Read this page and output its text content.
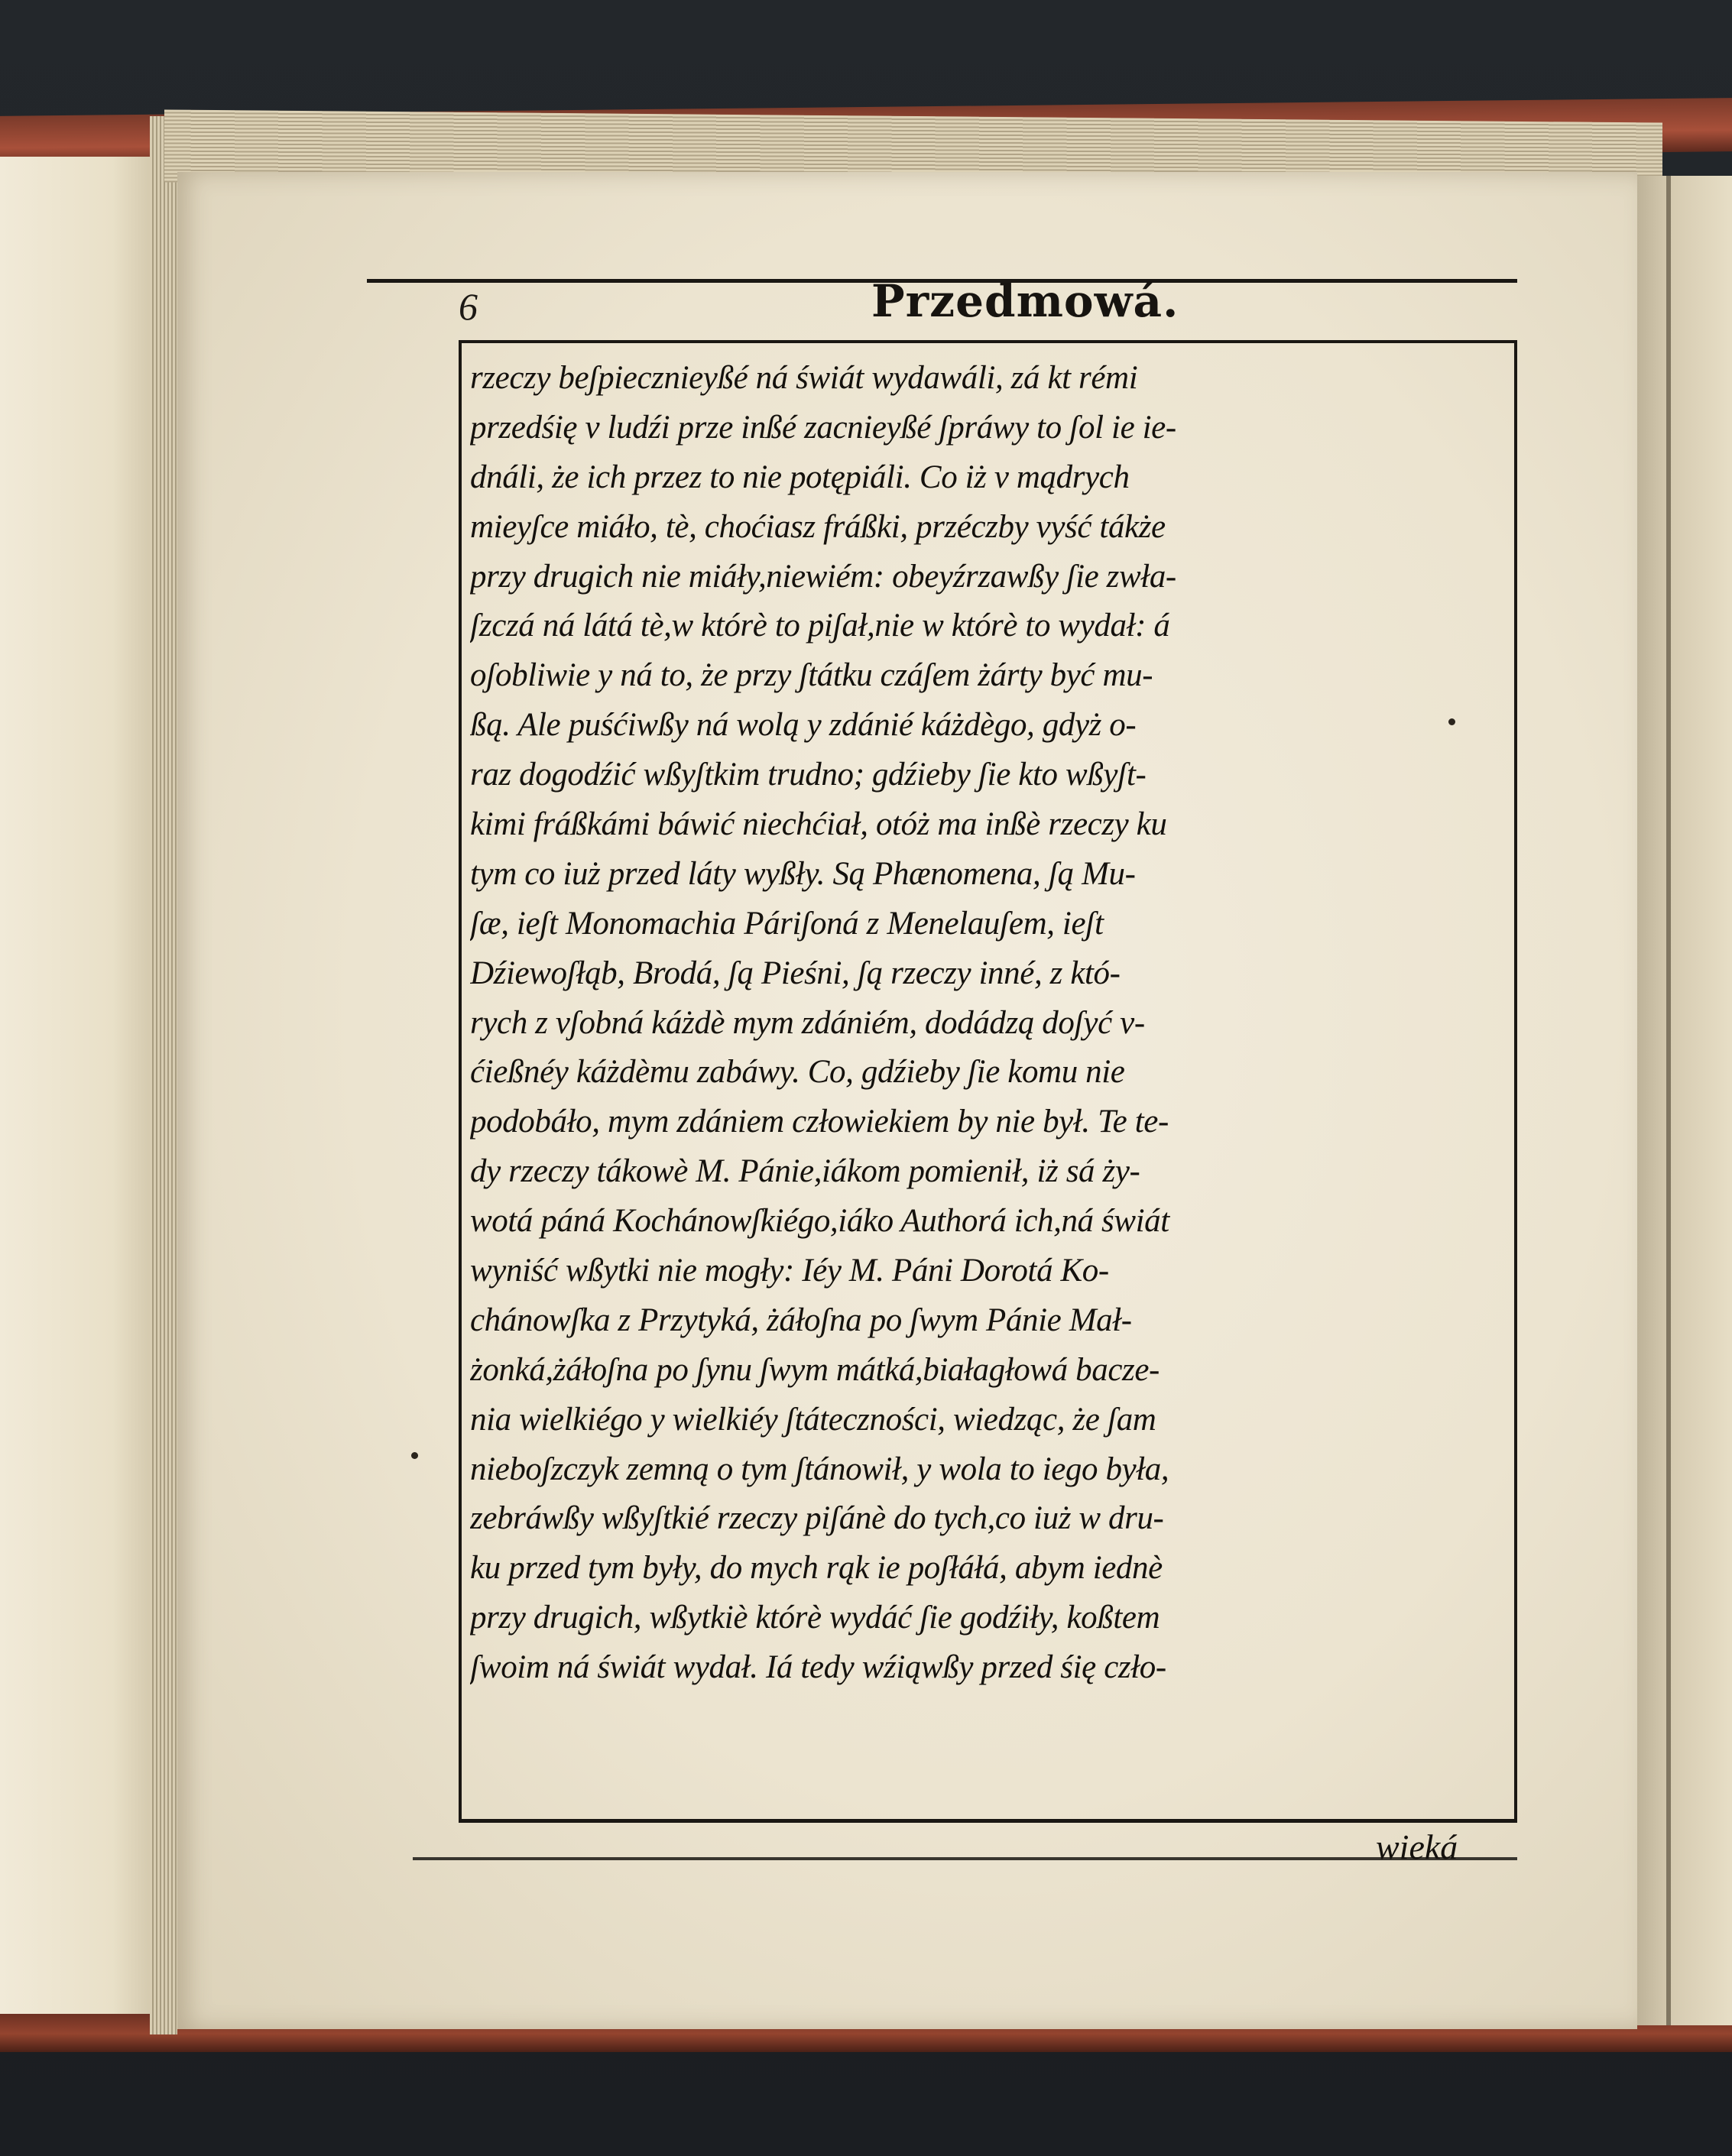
6	Przedmowá.
rzeczy beʃpiecznieyßé ná świát wydawáli, zá kt rémi
przedśię v ludźi prze inßé zacnieyßé ʃpráwy to ʃol ie ie-
dnáli, że ich przez to nie potępiáli. Co iż v mądrych
mieyʃce miáło, tè, choćiasz fráßki, przéczby vyść tákże
przy drugich nie miáły,niewiém: obeyźrzawßy ʃie zwła-
ʃzczá ná látá tè,w którè to piʃał,nie w którè to wydał: á
oʃobliwie y ná to, że przy ʃtátku czáʃem żárty być mu-
ßą. Ale puśćiwßy ná wolą y zdánié káżdègo, gdyż o-
raz dogodźić wßyʃtkim trudno; gdźieby ʃie kto wßyʃt-
kimi fráßkámi báwić niechćiał, otóż ma inßè rzeczy ku
tym co iuż przed láty wyßły. Są Phænomena, ʃą Mu-
ʃæ, ieʃt Monomachia Páriʃoná z Menelauʃem, ieʃt
Dźiewoʃłąb, Brodá, ʃą Pieśni, ʃą rzeczy inné, z któ-
rych z vʃobná káżdè mym zdániém, dodádzą doʃyć v-
ćießnéy káżdèmu zabáwy. Co, gdźieby ʃie komu nie
podobáło, mym zdániem człowiekiem by nie był. Te te-
dy rzeczy tákowè M. Pánie,iákom pomienił, iż sá ży-
wotá páná Kochánowʃkiégo,iáko Authorá ich,ná świát
wyniść wßytki nie mogły: Iéy M. Páni Dorotá Ko-
chánowʃka z Przytyká, żáłoʃna po ʃwym Pánie Mał-
żonká,żáłoʃna po ʃynu ʃwym mátká,białagłowá bacze-
nia wielkiégo y wielkiéy ʃtáteczności, wiedząc, że ʃam
nieboʃzczyk zemną o tym ʃtánowił, y wola to iego była,
zebráwßy wßyʃtkié rzeczy piʃánè do tych,co iuż w dru-
ku przed tym były, do mych rąk ie poʃłáłá, abym iednè
przy drugich, wßytkiè którè wydáć ʃie godźiły, koßtem
ʃwoim ná świát wydał. Iá tedy wźiąwßy przed śię czło-
wieká
